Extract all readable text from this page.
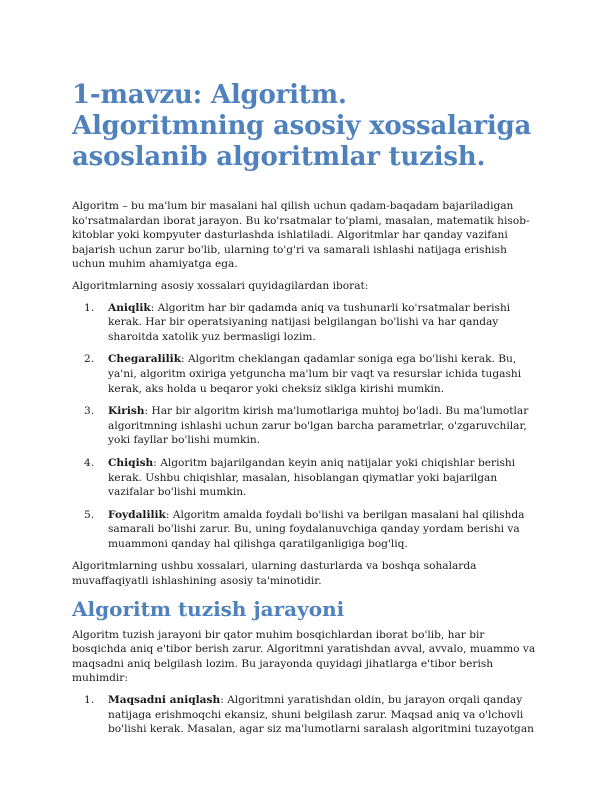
1-mavzu: Algoritm. Algoritmning asosiy xossalariga asoslanib algoritmlar tuzish.

Algoritm – bu ma'lum bir masalani hal qilish uchun qadam-baqadam bajariladigan ko'rsatmalardan iborat jarayon. Bu ko'rsatmalar to'plami, masalan, matematik hisob-kitoblar yoki kompyuter dasturlashda ishlatiladi. Algoritmlar har qanday vazifani bajarish uchun zarur bo'lib, ularning to'g'ri va samarali ishlashi natijaga erishish uchun muhim ahamiyatga ega.

Algoritmlarning asosiy xossalari quyidagilardan iborat:

1. Aniqlik: Algoritm har bir qadamda aniq va tushunarli ko'rsatmalar berishi kerak. Har bir operatsiyaning natijasi belgilangan bo'lishi va har qanday sharoitda xatolik yuz bermasligi lozim.
2. Chegaralilik: Algoritm cheklangan qadamlar soniga ega bo'lishi kerak. Bu, ya'ni, algoritm oxiriga yetguncha ma'lum bir vaqt va resurslar ichida tugashi kerak, aks holda u beqaror yoki cheksiz siklga kirishi mumkin.
3. Kirish: Har bir algoritm kirish ma'lumotlariga muhtoj bo'ladi. Bu ma'lumotlar algoritmning ishlashi uchun zarur bo'lgan barcha parametrlar, o'zgaruvchilar, yoki fayllar bo'lishi mumkin.
4. Chiqish: Algoritm bajarilgandan keyin aniq natijalar yoki chiqishlar berishi kerak. Ushbu chiqishlar, masalan, hisoblangan qiymatlar yoki bajarilgan vazifalar bo'lishi mumkin.
5. Foydalilik: Algoritm amalda foydali bo'lishi va berilgan masalani hal qilishda samarali bo'lishi zarur. Bu, uning foydalanuvchiga qanday yordam berishi va muammoni qanday hal qilishga qaratilganligiga bog'liq.

Algoritmlarning ushbu xossalari, ularning dasturlarda va boshqa sohalarda muvaffaqiyatli ishlashining asosiy ta'minotidir.

Algoritm tuzish jarayoni

Algoritm tuzish jarayoni bir qator muhim bosqichlardan iborat bo'lib, har bir bosqichda aniq e'tibor berish zarur. Algoritmni yaratishdan avval, avvalo, muammo va maqsadni aniq belgilash lozim. Bu jarayonda quyidagi jihatlarga e'tibor berish muhimdir:

1. Maqsadni aniqlash: Algoritmni yaratishdan oldin, bu jarayon orqali qanday natijaga erishmoqchi ekansiz, shuni belgilash zarur. Maqsad aniq va o'lchovli bo'lishi kerak. Masalan, agar siz ma'lumotlarni saralash algoritmini tuzayotgan
